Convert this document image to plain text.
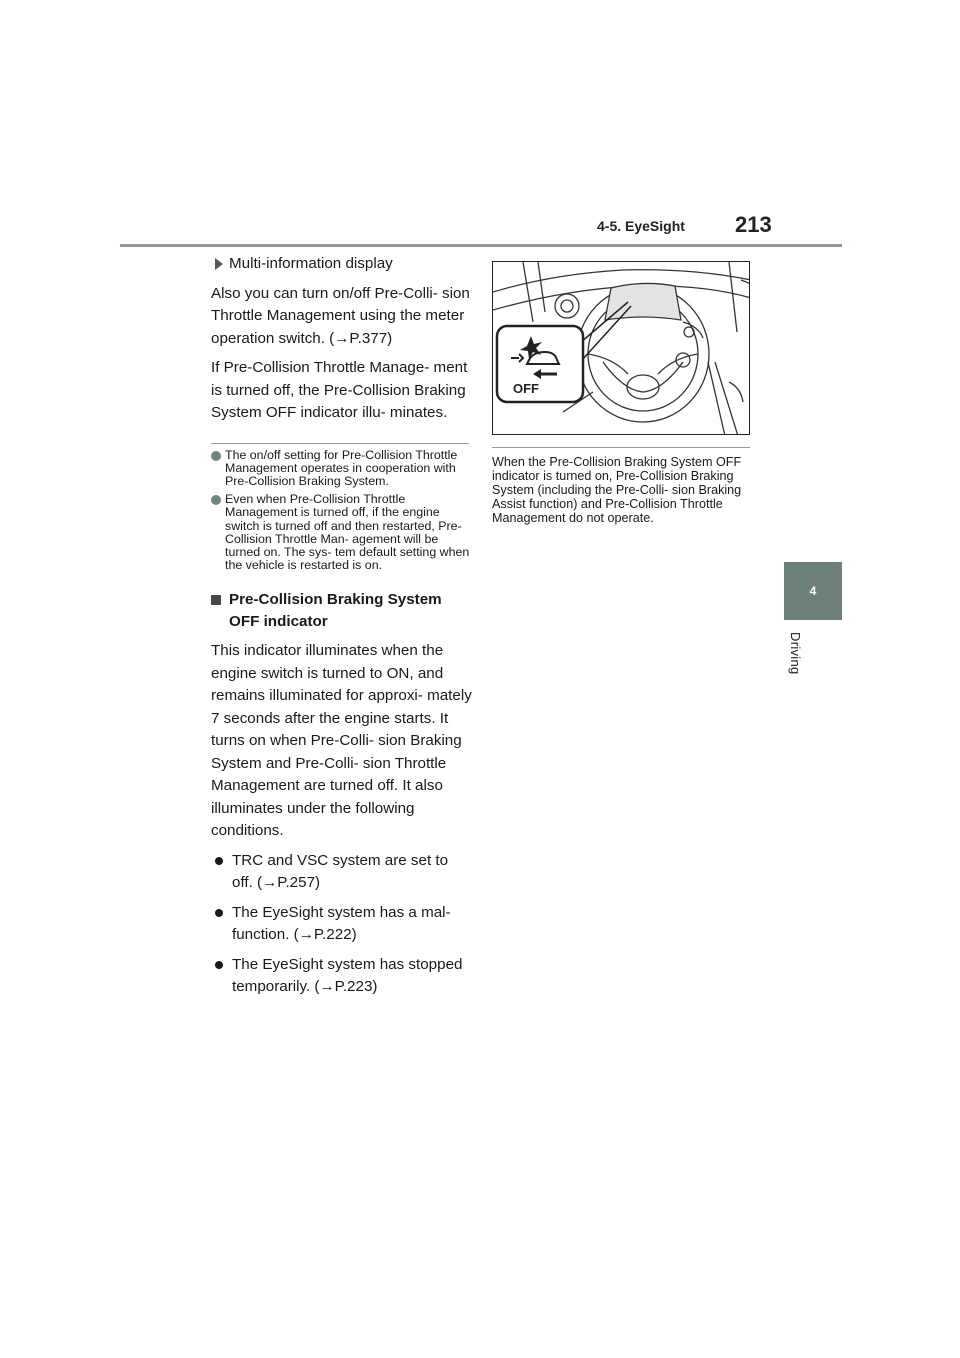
4-5. EyeSight 213
4
Driving
Multi-information display

Also you can turn on/off Pre-Colli- sion Throttle Management using the meter operation switch. (→P.377)

If Pre-Collision Throttle Manage- ment is turned off, the Pre-Collision Braking System OFF indicator illu- minates.

The on/off setting for Pre-Collision Throttle Management operates in cooperation with Pre-Collision Braking System.
Even when Pre-Collision Throttle Management is turned off, if the engine switch is turned off and then restarted, Pre-Collision Throttle Man- agement will be turned on. The sys- tem default setting when the vehicle is restarted is on.
Pre-Collision Braking System OFF indicator

This indicator illuminates when the engine switch is turned to ON, and remains illuminated for approxi- mately 7 seconds after the engine starts. It turns on when Pre-Colli- sion Braking System and Pre-Colli- sion Throttle Management are turned off. It also illuminates under the following conditions.

TRC and VSC system are set to off. (→P.257)
The EyeSight system has a mal- function. (→P.222)
The EyeSight system has stopped temporarily. (→P.223)
OFF

When the Pre-Collision Braking System OFF indicator is turned on, Pre-Collision Braking System (including the Pre-Colli- sion Braking Assist function) and Pre-Collision Throttle Management do not operate.
